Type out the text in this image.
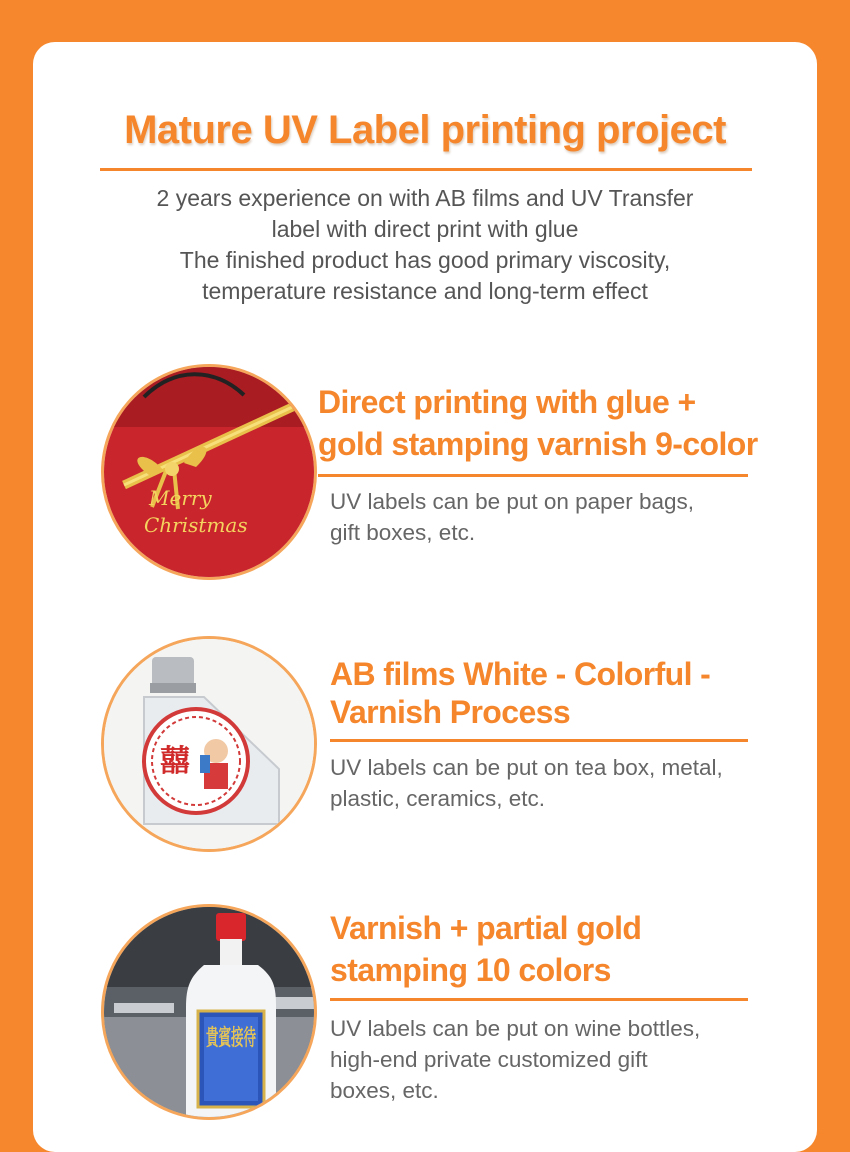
Mature UV Label printing project
2 years experience on with AB films and UV Transfer
label with direct print with glue
The finished product has good primary viscosity,
temperature resistance and long-term effect
Merry
Christmas
Direct printing with glue +
gold stamping varnish 9-color
UV labels can be put on paper bags,
gift boxes, etc.
囍
AB films White - Colorful -
Varnish Process
UV labels can be put on tea box, metal,
plastic, ceramics, etc.
貴賓接待
Varnish + partial gold
stamping 10 colors
UV labels can be put on wine bottles,
high-end private customized gift
boxes, etc.
